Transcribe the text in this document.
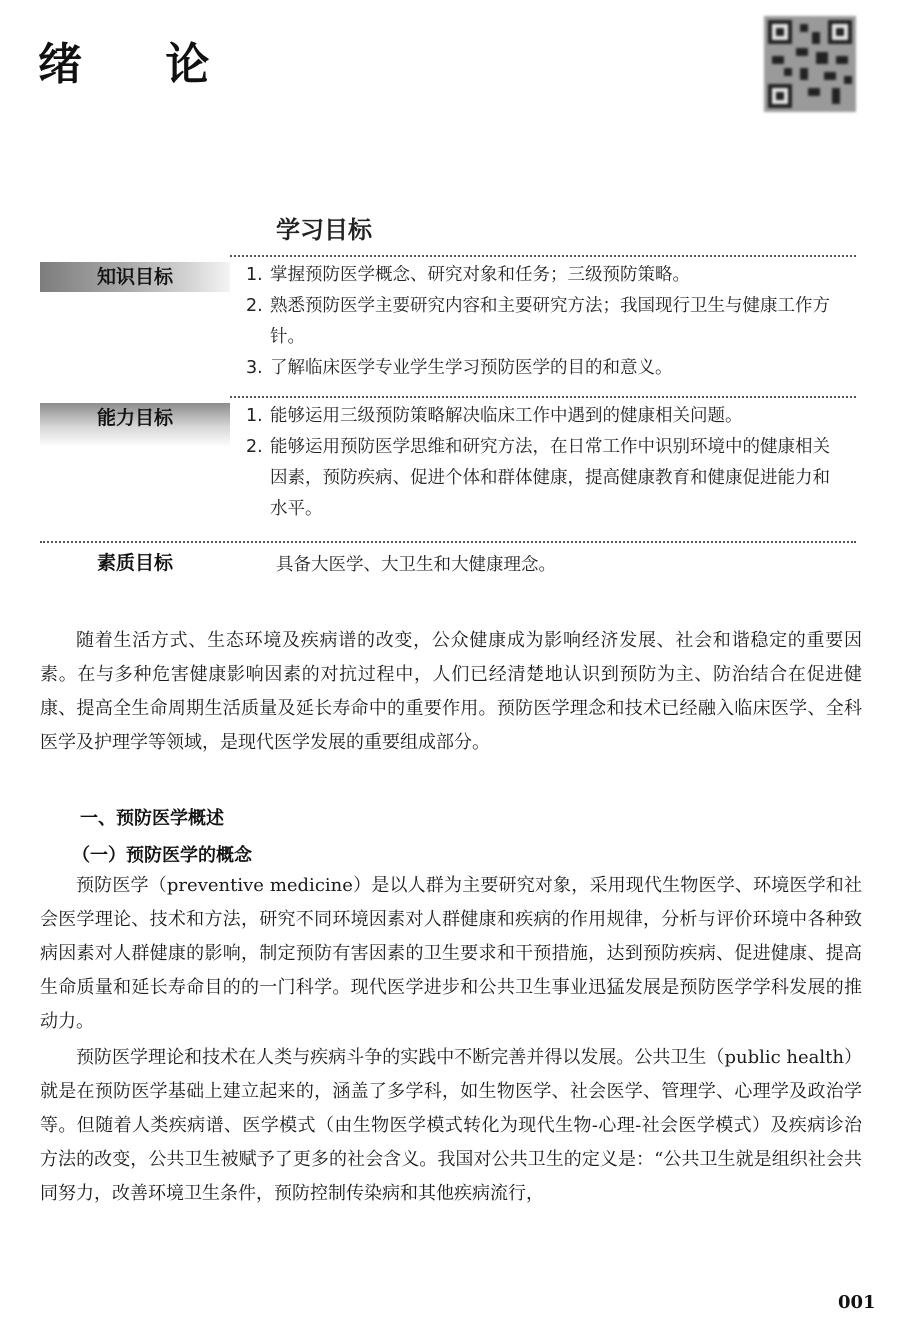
绪 论
学习目标
知识目标	1. 掌握预防医学概念、研究对象和任务；三级预防策略。
2. 熟悉预防医学主要研究内容和主要研究方法；我国现行卫生与健康工作方针。
3. 了解临床医学专业学生学习预防医学的目的和意义。
能力目标	1. 能够运用三级预防策略解决临床工作中遇到的健康相关问题。
2. 能够运用预防医学思维和研究方法，在日常工作中识别环境中的健康相关因素，预防疾病、促进个体和群体健康，提高健康教育和健康促进能力和水平。
素质目标	具备大医学、大卫生和大健康理念。
随着生活方式、生态环境及疾病谱的改变，公众健康成为影响经济发展、社会和谐稳定的重要因素。在与多种危害健康影响因素的对抗过程中，人们已经清楚地认识到预防为主、防治结合在促进健康、提高全生命周期生活质量及延长寿命中的重要作用。预防医学理念和技术已经融入临床医学、全科医学及护理学等领域，是现代医学发展的重要组成部分。
一、预防医学概述
（一）预防医学的概念
预防医学（preventive medicine）是以人群为主要研究对象，采用现代生物医学、环境医学和社会医学理论、技术和方法，研究不同环境因素对人群健康和疾病的作用规律，分析与评价环境中各种致病因素对人群健康的影响，制定预防有害因素的卫生要求和干预措施，达到预防疾病、促进健康、提高生命质量和延长寿命目的的一门科学。现代医学进步和公共卫生事业迅猛发展是预防医学学科发展的推动力。
预防医学理论和技术在人类与疾病斗争的实践中不断完善并得以发展。公共卫生（public health）就是在预防医学基础上建立起来的，涵盖了多学科，如生物医学、社会医学、管理学、心理学及政治学等。但随着人类疾病谱、医学模式（由生物医学模式转化为现代生物-心理-社会医学模式）及疾病诊治方法的改变，公共卫生被赋予了更多的社会含义。我国对公共卫生的定义是：“公共卫生就是组织社会共同努力，改善环境卫生条件，预防控制传染病和其他疾病流行，
001
